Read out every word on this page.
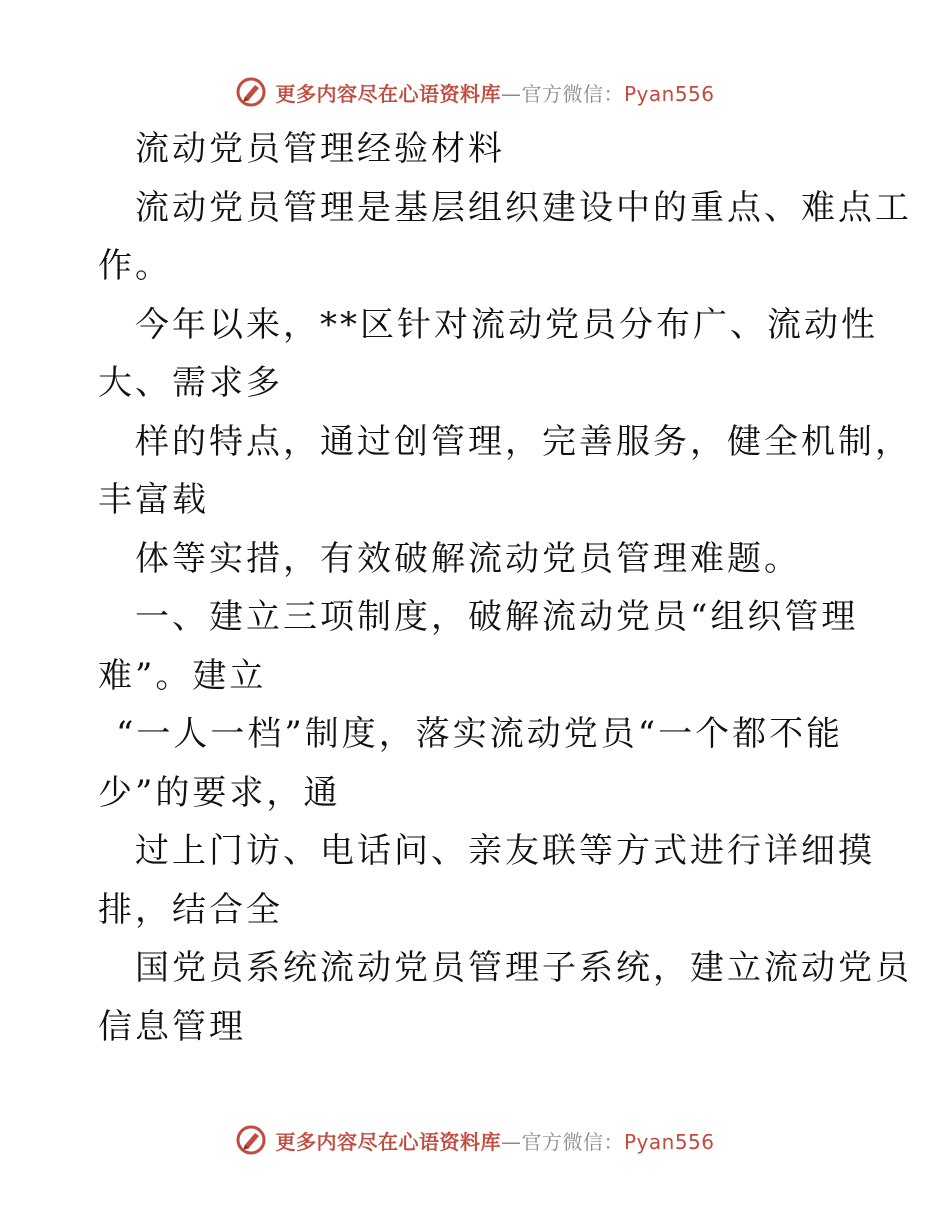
更多内容尽在心语资料库—官方微信：Pyan556
流动党员管理经验材料
流动党员管理是基层组织建设中的重点、难点工
作。
今年以来，**区针对流动党员分布广、流动性
大、需求多
样的特点，通过创管理，完善服务，健全机制，
丰富载
体等实措，有效破解流动党员管理难题。
一、建立三项制度，破解流动党员“组织管理
难”。建立
“一人一档”制度，落实流动党员“一个都不能
少”的要求，通
过上门访、电话问、亲友联等方式进行详细摸
排，结合全
国党员系统流动党员管理子系统，建立流动党员
信息管理
更多内容尽在心语资料库—官方微信：Pyan556
